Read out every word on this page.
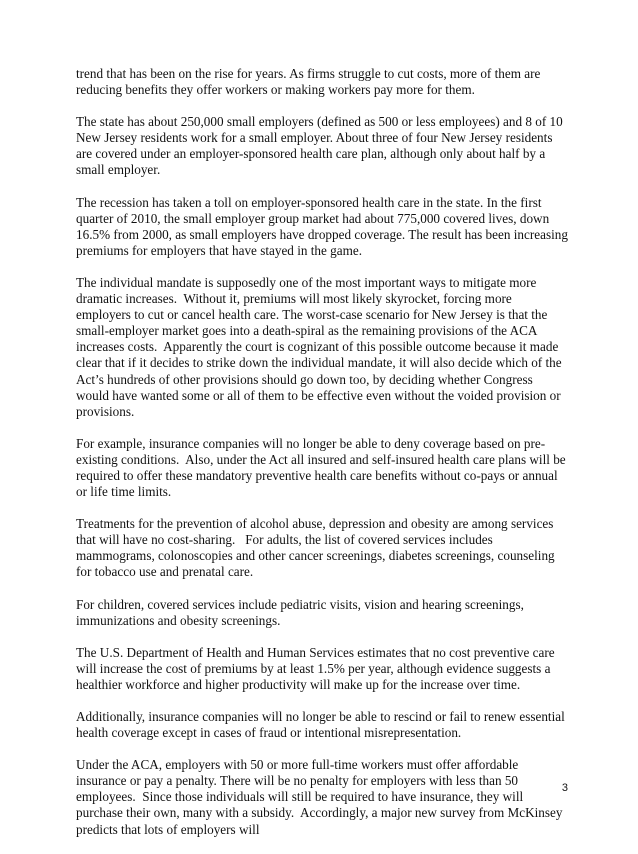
trend that has been on the rise for years. As firms struggle to cut costs, more of them are reducing benefits they offer workers or making workers pay more for them.

The state has about 250,000 small employers (defined as 500 or less employees) and 8 of 10 New Jersey residents work for a small employer. About three of four New Jersey residents are covered under an employer-sponsored health care plan, although only about half by a small employer.

The recession has taken a toll on employer-sponsored health care in the state. In the first quarter of 2010, the small employer group market had about 775,000 covered lives, down 16.5% from 2000, as small employers have dropped coverage. The result has been increasing premiums for employers that have stayed in the game.

The individual mandate is supposedly one of the most important ways to mitigate more dramatic increases.  Without it, premiums will most likely skyrocket, forcing more employers to cut or cancel health care. The worst-case scenario for New Jersey is that the small-employer market goes into a death-spiral as the remaining provisions of the ACA increases costs.  Apparently the court is cognizant of this possible outcome because it made clear that if it decides to strike down the individual mandate, it will also decide which of the Act’s hundreds of other provisions should go down too, by deciding whether Congress would have wanted some or all of them to be effective even without the voided provision or provisions.

For example, insurance companies will no longer be able to deny coverage based on pre-existing conditions.  Also, under the Act all insured and self-insured health care plans will be required to offer these mandatory preventive health care benefits without co-pays or annual or life time limits.

Treatments for the prevention of alcohol abuse, depression and obesity are among services that will have no cost-sharing.   For adults, the list of covered services includes mammograms, colonoscopies and other cancer screenings, diabetes screenings, counseling for tobacco use and prenatal care.

For children, covered services include pediatric visits, vision and hearing screenings, immunizations and obesity screenings.

The U.S. Department of Health and Human Services estimates that no cost preventive care will increase the cost of premiums by at least 1.5% per year, although evidence suggests a healthier workforce and higher productivity will make up for the increase over time.

Additionally, insurance companies will no longer be able to rescind or fail to renew essential health coverage except in cases of fraud or intentional misrepresentation.

Under the ACA, employers with 50 or more full-time workers must offer affordable insurance or pay a penalty. There will be no penalty for employers with less than 50 employees.  Since those individuals will still be required to have insurance, they will purchase their own, many with a subsidy.  Accordingly, a major new survey from McKinsey predicts that lots of employers will

3
